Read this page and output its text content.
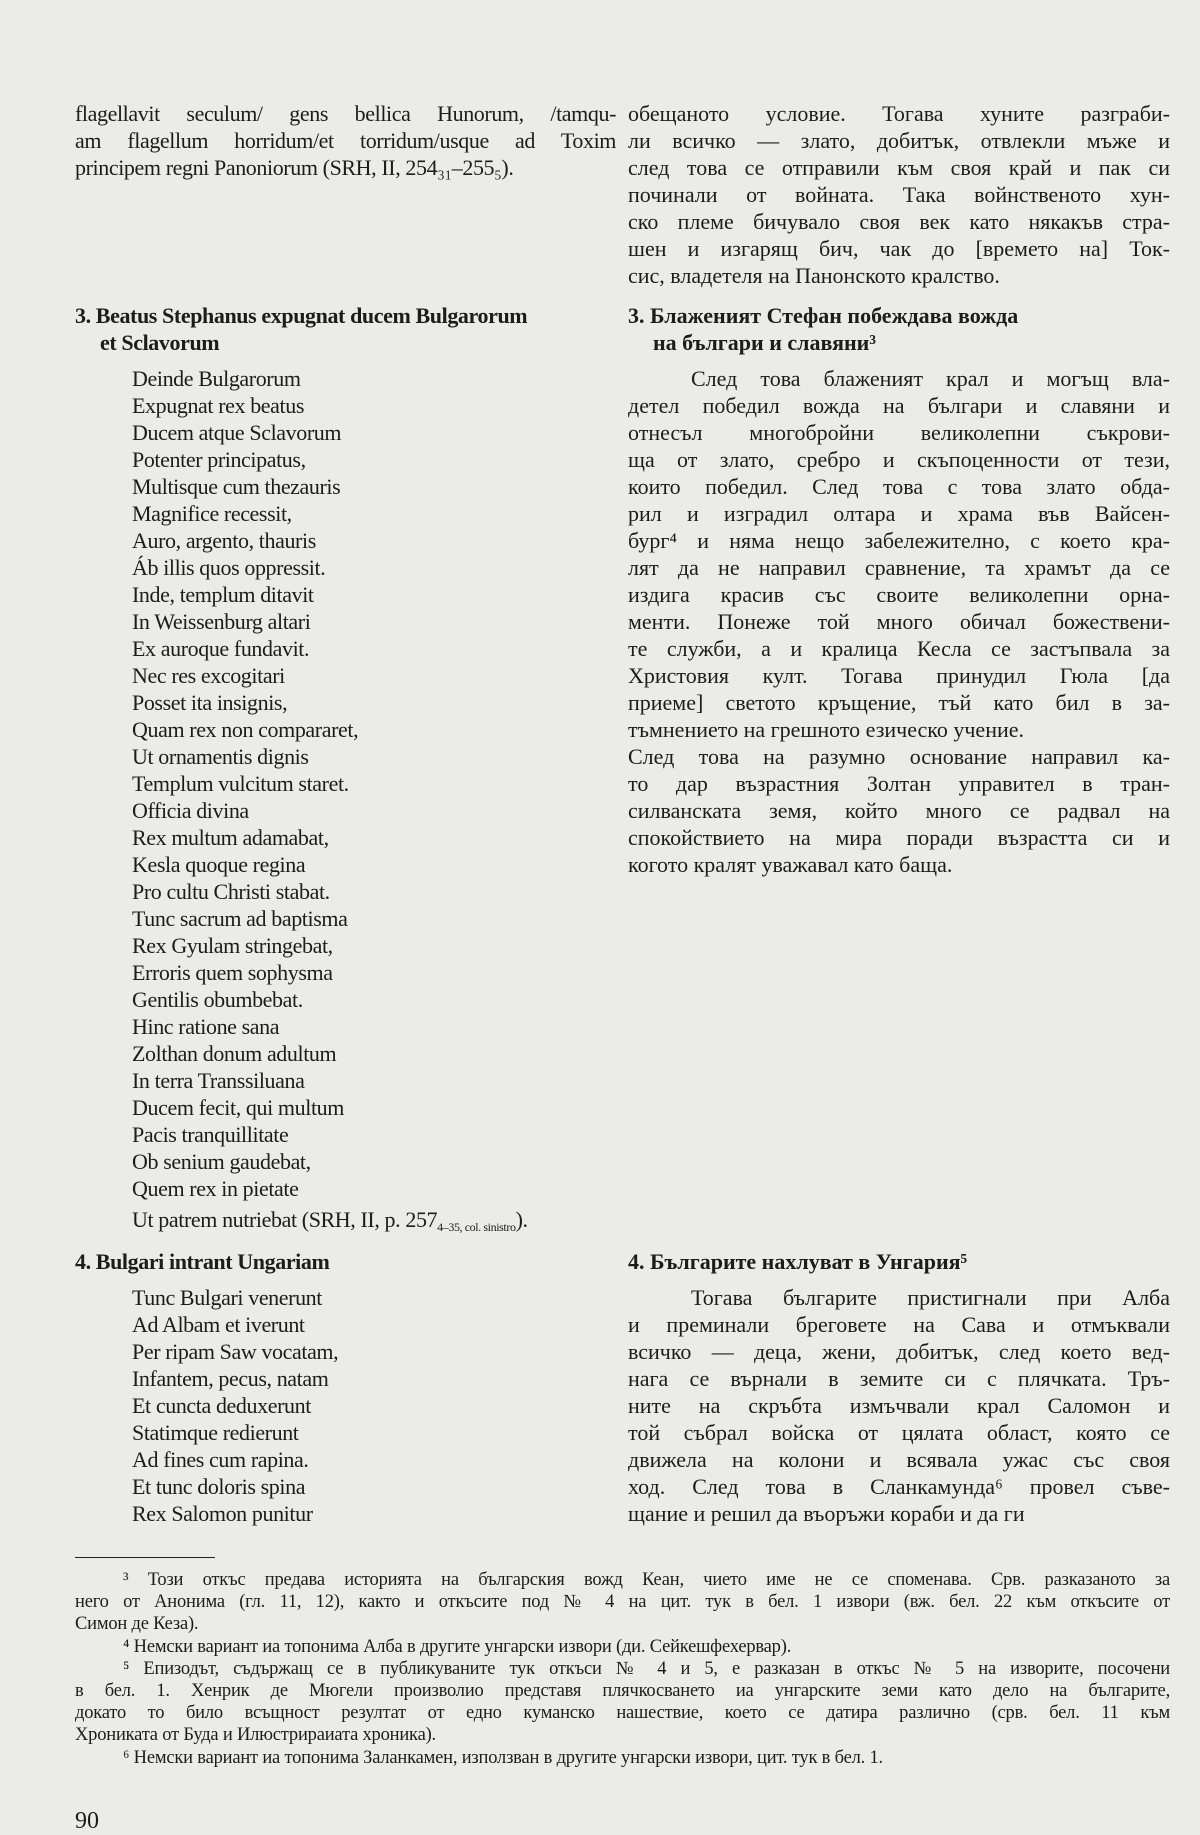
flagellavit seculum/ gens bellica Hunorum, /tamqu-
am flagellum horridum/et torridum/usque ad Toxim
principem regni Panoniorum (SRH, II, 254₃₁–255₅).
3. Beatus Stephanus expugnat ducem Bulgarorum
et Sclavorum
Deinde Bulgarorum
Expugnat rex beatus
Ducem atque Sclavorum
Potenter principatus,
Multisque cum thezauris
Magnifice recessit,
Auro, argento, thauris
Áb illis quos oppressit.
Inde, templum ditavit
In Weissenburg altari
Ex auroque fundavit.
Nec res excogitari
Posset ita insignis,
Quam rex non compararet,
Ut ornamentis dignis
Templum vulcitum staret.
Officia divina
Rex multum adamabat,
Kesla quoque regina
Pro cultu Christi stabat.
Tunc sacrum ad baptisma
Rex Gyulam stringebat,
Erroris quem sophysma
Gentilis obumbebat.
Hinc ratione sana
Zolthan donum adultum
In terra Transsiluana
Ducem fecit, qui multum
Pacis tranquillitate
Ob senium gaudebat,
Quem rex in pietate
Ut patrem nutriebat (SRH, II, p. $257_{4-35, col. sinistro}$).
4. Bulgari intrant Ungariam
Tunc Bulgari venerunt
Ad Albam et iverunt
Per ripam Saw vocatam,
Infantem, pecus, natam
Et cuncta deduxerunt
Statimque redierunt
Ad fines cum rapina.
Et tunc doloris spina
Rex Salomon punitur
обещаното условие. Тогава хуните разграби-
ли всичко — злато, добитък, отвлекли мъже и
след това се отправили към своя край и пак си
починали от войната. Така войнственото хун-
ско племе бичувало своя век като някакъв стра-
шен и изгарящ бич, чак до [времето на] Ток-
сис, владетеля на Панонското кралство.
3. Блаженият Стефан побеждава вожда
на българи и славяни³
След това блаженият крал и могъщ вла-
детел победил вожда на българи и славяни и
отнесъл многобройни великолепни съкрови-
ща от злато, сребро и скъпоценности от тези,
които победил. След това с това злато обда-
рил и изградил олтара и храма във Вайсен-
бург⁴ и няма нещо забележително, с което кра-
лят да не направил сравнение, та храмът да се
издига красив със своите великолепни орна-
менти. Понеже той много обичал божествени-
те служби, а и кралица Кесла се застъпвала за
Христовия култ. Тогава принудил Гюла [да
приеме] светото кръщение, тъй като бил в за-
тъмнението на грешното езическо учение.
След това на разумно основание направил ка-
то дар възрастния Золтан управител в тран-
силванската земя, който много се радвал на
спокойствието на мира поради възрастта си и
когото кралят уважавал като баща.
4. Българите нахлуват в Унгария⁵
Тогава българите пристигнали при Алба
и преминали бреговете на Сава и отмъквали
всичко — деца, жени, добитък, след което вед-
нага се върнали в земите си с плячката. Тръ-
ните на скръбта измъчвали крал Саломон и
той събрал войска от цялата област, която се
движела на колони и всявала ужас със своя
ход. След това в Сланкамунда⁶ провел съве-
щание и решил да въоръжи кораби и да ги
³ Този откъс предава историята на българския вожд Кеан, чието име не се споменава. Срв. разказаното за
него от Анонима (гл. 11, 12), както и откъсите под № 4 на цит. тук в бел. 1 извори (вж. бел. 22 към откъсите от
Симон де Кеза).
⁴ Немски вариант иа топонима Алба в другите унгарски извори (ди. Сейкешфехервар).
⁵ Епизодът, съдържащ се в публикуваните тук откъси № 4 и 5, е разказан в откъс № 5 на изворите, посочени
в бел. 1. Хенрик де Мюгели произволио представя плячкосването иа унгарските земи като дело на българите,
докато то било всъщност резултат от едно куманско нашествие, което се датира различно (срв. бел. 11 към
Хрониката от Буда и Илюстрираиата хроника).
⁶ Немски вариант иа топонима Заланкамен, използван в другите унгарски извори, цит. тук в бел. 1.
90
